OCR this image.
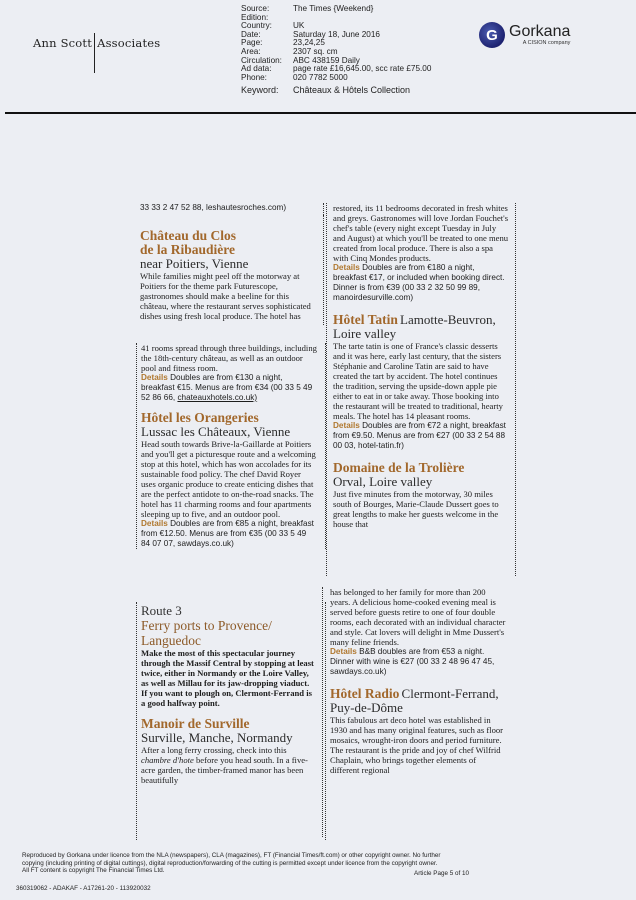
Ann Scott Associates
Source:	The Times {Weekend}
Edition:
Country:	UK
Date:	Saturday 18, June 2016
Page:	23,24,25
Area:	2307 sq. cm
Circulation:	ABC 438159 Daily
Ad data:	page rate £16,645.00, scc rate £75.00
Phone:	020 7782 5000
Keyword:	Châteaux & Hôtels Collection
G Gorkana
A CISION company

33 33 2 47 52 88, leshautesroches.com)

Château du Clos
de la Ribaudière
near Poitiers, Vienne

While families might peel off the motorway at Poitiers for the theme park Futurescope, gastronomes should make a beeline for this château, where the restaurant serves sophisticated dishes using fresh local produce. The hotel has

41 rooms spread through three buildings, including the 18th-century château, as well as an outdoor pool and fitness room.

Details Doubles are from €130 a night, breakfast €15. Menus are from €34 (00 33 5 49 52 86 66, chateauxhotels.co.uk)

Hôtel les Orangeries
Lussac les Châteaux, Vienne

Head south towards Brive-la-Gaillarde at Poitiers and you'll get a picturesque route and a welcoming stop at this hotel, which has won accolades for its sustainable food policy. The chef David Royer uses organic produce to create enticing dishes that are the perfect antidote to on-the-road snacks. The hotel has 11 charming rooms and four apartments sleeping up to five, and an outdoor pool.

Details Doubles are from €85 a night, breakfast from €12.50. Menus are from €35 (00 33 5 49 84 07 07, sawdays.co.uk)

Route 3
Ferry ports to Provence/ Languedoc

Make the most of this spectacular journey through the Massif Central by stopping at least twice, either in Normandy or the Loire Valley, as well as Millau for its jaw-dropping viaduct. If you want to plough on, Clermont-Ferrand is a good halfway point.

Manoir de Surville
Surville, Manche, Normandy

After a long ferry crossing, check into this chambre d'hote before you head south. In a five-acre garden, the timber-framed manor has been beautifully

restored, its 11 bedrooms decorated in fresh whites and greys. Gastronomes will love Jordan Fouchet's chef's table (every night except Tuesday in July and August) at which you'll be treated to one menu created from local produce. There is also a spa with Cinq Mondes products.

Details Doubles are from €180 a night, breakfast €17, or included when booking direct. Dinner is from €39 (00 33 2 32 50 99 89, manoirdesurville.com)

Hôtel Tatin Lamotte-Beuvron, Loire valley

The tarte tatin is one of France's classic desserts and it was here, early last century, that the sisters Stéphanie and Caroline Tatin are said to have created the tart by accident. The hotel continues the tradition, serving the upside-down apple pie either to eat in or take away. Those booking into the restaurant will be treated to traditional, hearty meals. The hotel has 14 pleasant rooms.

Details Doubles are from €72 a night, breakfast from €9.50. Menus are from €27 (00 33 2 54 88 00 03, hotel-tatin.fr)

Domaine de la Trolière
Orval, Loire valley

Just five minutes from the motorway, 30 miles south of Bourges, Marie-Claude Dussert goes to great lengths to make her guests welcome in the house that

has belonged to her family for more than 200 years. A delicious home-cooked evening meal is served before guests retire to one of four double rooms, each decorated with an individual character and style. Cat lovers will delight in Mme Dussert's many feline friends.

Details B&B doubles are from €53 a night. Dinner with wine is €27 (00 33 2 48 96 47 45, sawdays.co.uk)

Hôtel Radio Clermont-Ferrand, Puy-de-Dôme

This fabulous art deco hotel was established in 1930 and has many original features, such as floor mosaics, wrought-iron doors and period furniture. The restaurant is the pride and joy of chef Wilfrid Chaplain, who brings together elements of different regional

Reproduced by Gorkana under licence from the NLA (newspapers), CLA (magazines), FT (Financial Times/ft.com) or other copyright owner. No further copying (including printing of digital cuttings), digital reproduction/forwarding of the cutting is permitted except under licence from the copyright owner. All FT content is copyright The Financial Times Ltd.	Article Page 5 of 10
360319062 - ADAKAF - A17261-20 - 113920032
